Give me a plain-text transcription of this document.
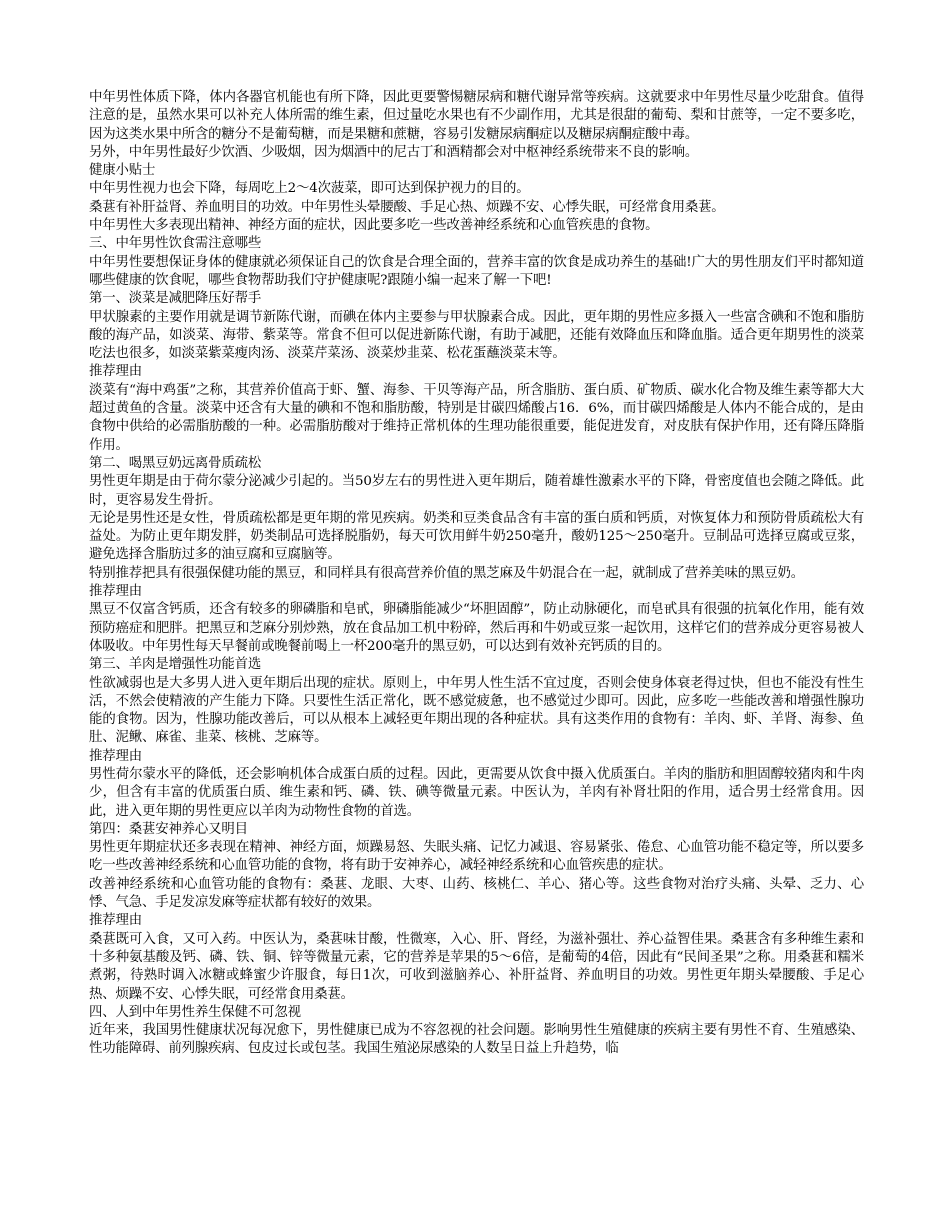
中年男性体质下降，体内各器官机能也有所下降，因此更要警惕糖尿病和糖代谢异常等疾病。这就要求中年男性尽量少吃甜食。值得注意的是，虽然水果可以补充人体所需的维生素，但过量吃水果也有不少副作用，尤其是很甜的葡萄、梨和甘蔗等，一定不要多吃，因为这类水果中所含的糖分不是葡萄糖，而是果糖和蔗糖，容易引发糖尿病酮症以及糖尿病酮症酸中毒。

另外，中年男性最好少饮酒、少吸烟，因为烟酒中的尼古丁和酒精都会对中枢神经系统带来不良的影响。

健康小贴士

中年男性视力也会下降，每周吃上2～4次菠菜，即可达到保护视力的目的。

桑葚有补肝益肾、养血明目的功效。中年男性头晕腰酸、手足心热、烦躁不安、心悸失眠，可经常食用桑葚。

中年男性大多表现出精神、神经方面的症状，因此要多吃一些改善神经系统和心血管疾患的食物。

三、中年男性饮食需注意哪些

中年男性要想保证身体的健康就必须保证自己的饮食是合理全面的，营养丰富的饮食是成功养生的基础!广大的男性朋友们平时都知道哪些健康的饮食呢，哪些食物帮助我们守护健康呢?跟随小编一起来了解一下吧!

第一、淡菜是减肥降压好帮手

甲状腺素的主要作用就是调节新陈代谢，而碘在体内主要参与甲状腺素合成。因此，更年期的男性应多摄入一些富含碘和不饱和脂肪酸的海产品，如淡菜、海带、紫菜等。常食不但可以促进新陈代谢，有助于减肥，还能有效降血压和降血脂。适合更年期男性的淡菜吃法也很多，如淡菜紫菜瘦肉汤、淡菜芹菜汤、淡菜炒韭菜、松花蛋蘸淡菜末等。

推荐理由

淡菜有“海中鸡蛋”之称，其营养价值高于虾、蟹、海参、干贝等海产品，所含脂肪、蛋白质、矿物质、碳水化合物及维生素等都大大超过黄鱼的含量。淡菜中还含有大量的碘和不饱和脂肪酸，特别是甘碳四烯酸占16．6%，而甘碳四烯酸是人体内不能合成的，是由食物中供给的必需脂肪酸的一种。必需脂肪酸对于维持正常机体的生理功能很重要，能促进发育，对皮肤有保护作用，还有降压降脂作用。

第二、喝黑豆奶远离骨质疏松

男性更年期是由于荷尔蒙分泌减少引起的。当50岁左右的男性进入更年期后，随着雄性激素水平的下降，骨密度值也会随之降低。此时，更容易发生骨折。

无论是男性还是女性，骨质疏松都是更年期的常见疾病。奶类和豆类食品含有丰富的蛋白质和钙质，对恢复体力和预防骨质疏松大有益处。为防止更年期发胖，奶类制品可选择脱脂奶，每天可饮用鲜牛奶250毫升，酸奶125～250毫升。豆制品可选择豆腐或豆浆，避免选择含脂肪过多的油豆腐和豆腐脑等。

特别推荐把具有很强保健功能的黑豆，和同样具有很高营养价值的黑芝麻及牛奶混合在一起，就制成了营养美味的黑豆奶。

推荐理由

黑豆不仅富含钙质，还含有较多的卵磷脂和皂甙，卵磷脂能减少“坏胆固醇”，防止动脉硬化，而皂甙具有很强的抗氧化作用，能有效预防癌症和肥胖。把黑豆和芝麻分别炒熟，放在食品加工机中粉碎，然后再和牛奶或豆浆一起饮用，这样它们的营养成分更容易被人体吸收。中年男性每天早餐前或晚餐前喝上一杯200毫升的黑豆奶，可以达到有效补充钙质的目的。

第三、羊肉是增强性功能首选

性欲减弱也是大多男人进入更年期后出现的症状。原则上，中年男人性生活不宜过度，否则会使身体衰老得过快，但也不能没有性生活，不然会使精液的产生能力下降。只要性生活正常化，既不感觉疲惫，也不感觉过少即可。因此，应多吃一些能改善和增强性腺功能的食物。因为，性腺功能改善后，可以从根本上减轻更年期出现的各种症状。具有这类作用的食物有：羊肉、虾、羊肾、海参、鱼肚、泥鳅、麻雀、韭菜、核桃、芝麻等。

推荐理由

男性荷尔蒙水平的降低，还会影响机体合成蛋白质的过程。因此，更需要从饮食中摄入优质蛋白。羊肉的脂肪和胆固醇较猪肉和牛肉少，但含有丰富的优质蛋白质、维生素和钙、磷、铁、碘等微量元素。中医认为，羊肉有补肾壮阳的作用，适合男士经常食用。因此，进入更年期的男性更应以羊肉为动物性食物的首选。

第四：桑葚安神养心又明目

男性更年期症状还多表现在精神、神经方面，烦躁易怒、失眠头痛、记忆力减退、容易紧张、倦怠、心血管功能不稳定等，所以要多吃一些改善神经系统和心血管功能的食物，将有助于安神养心，减轻神经系统和心血管疾患的症状。

改善神经系统和心血管功能的食物有：桑葚、龙眼、大枣、山药、核桃仁、羊心、猪心等。这些食物对治疗头痛、头晕、乏力、心悸、气急、手足发凉发麻等症状都有较好的效果。

推荐理由

桑葚既可入食，又可入药。中医认为，桑葚味甘酸，性微寒，入心、肝、肾经，为滋补强壮、养心益智佳果。桑葚含有多种维生素和十多种氨基酸及钙、磷、铁、铜、锌等微量元素，它的营养是苹果的5～6倍，是葡萄的4倍，因此有“民间圣果”之称。用桑葚和糯米煮粥，待熟时调入冰糖或蜂蜜少许服食，每日1次，可收到滋脑养心、补肝益肾、养血明目的功效。男性更年期头晕腰酸、手足心热、烦躁不安、心悸失眠，可经常食用桑葚。

四、人到中年男性养生保健不可忽视

近年来，我国男性健康状况每况愈下，男性健康已成为不容忽视的社会问题。影响男性生殖健康的疾病主要有男性不育、生殖感染、性功能障碍、前列腺疾病、包皮过长或包茎。我国生殖泌尿感染的人数呈日益上升趋势，临
